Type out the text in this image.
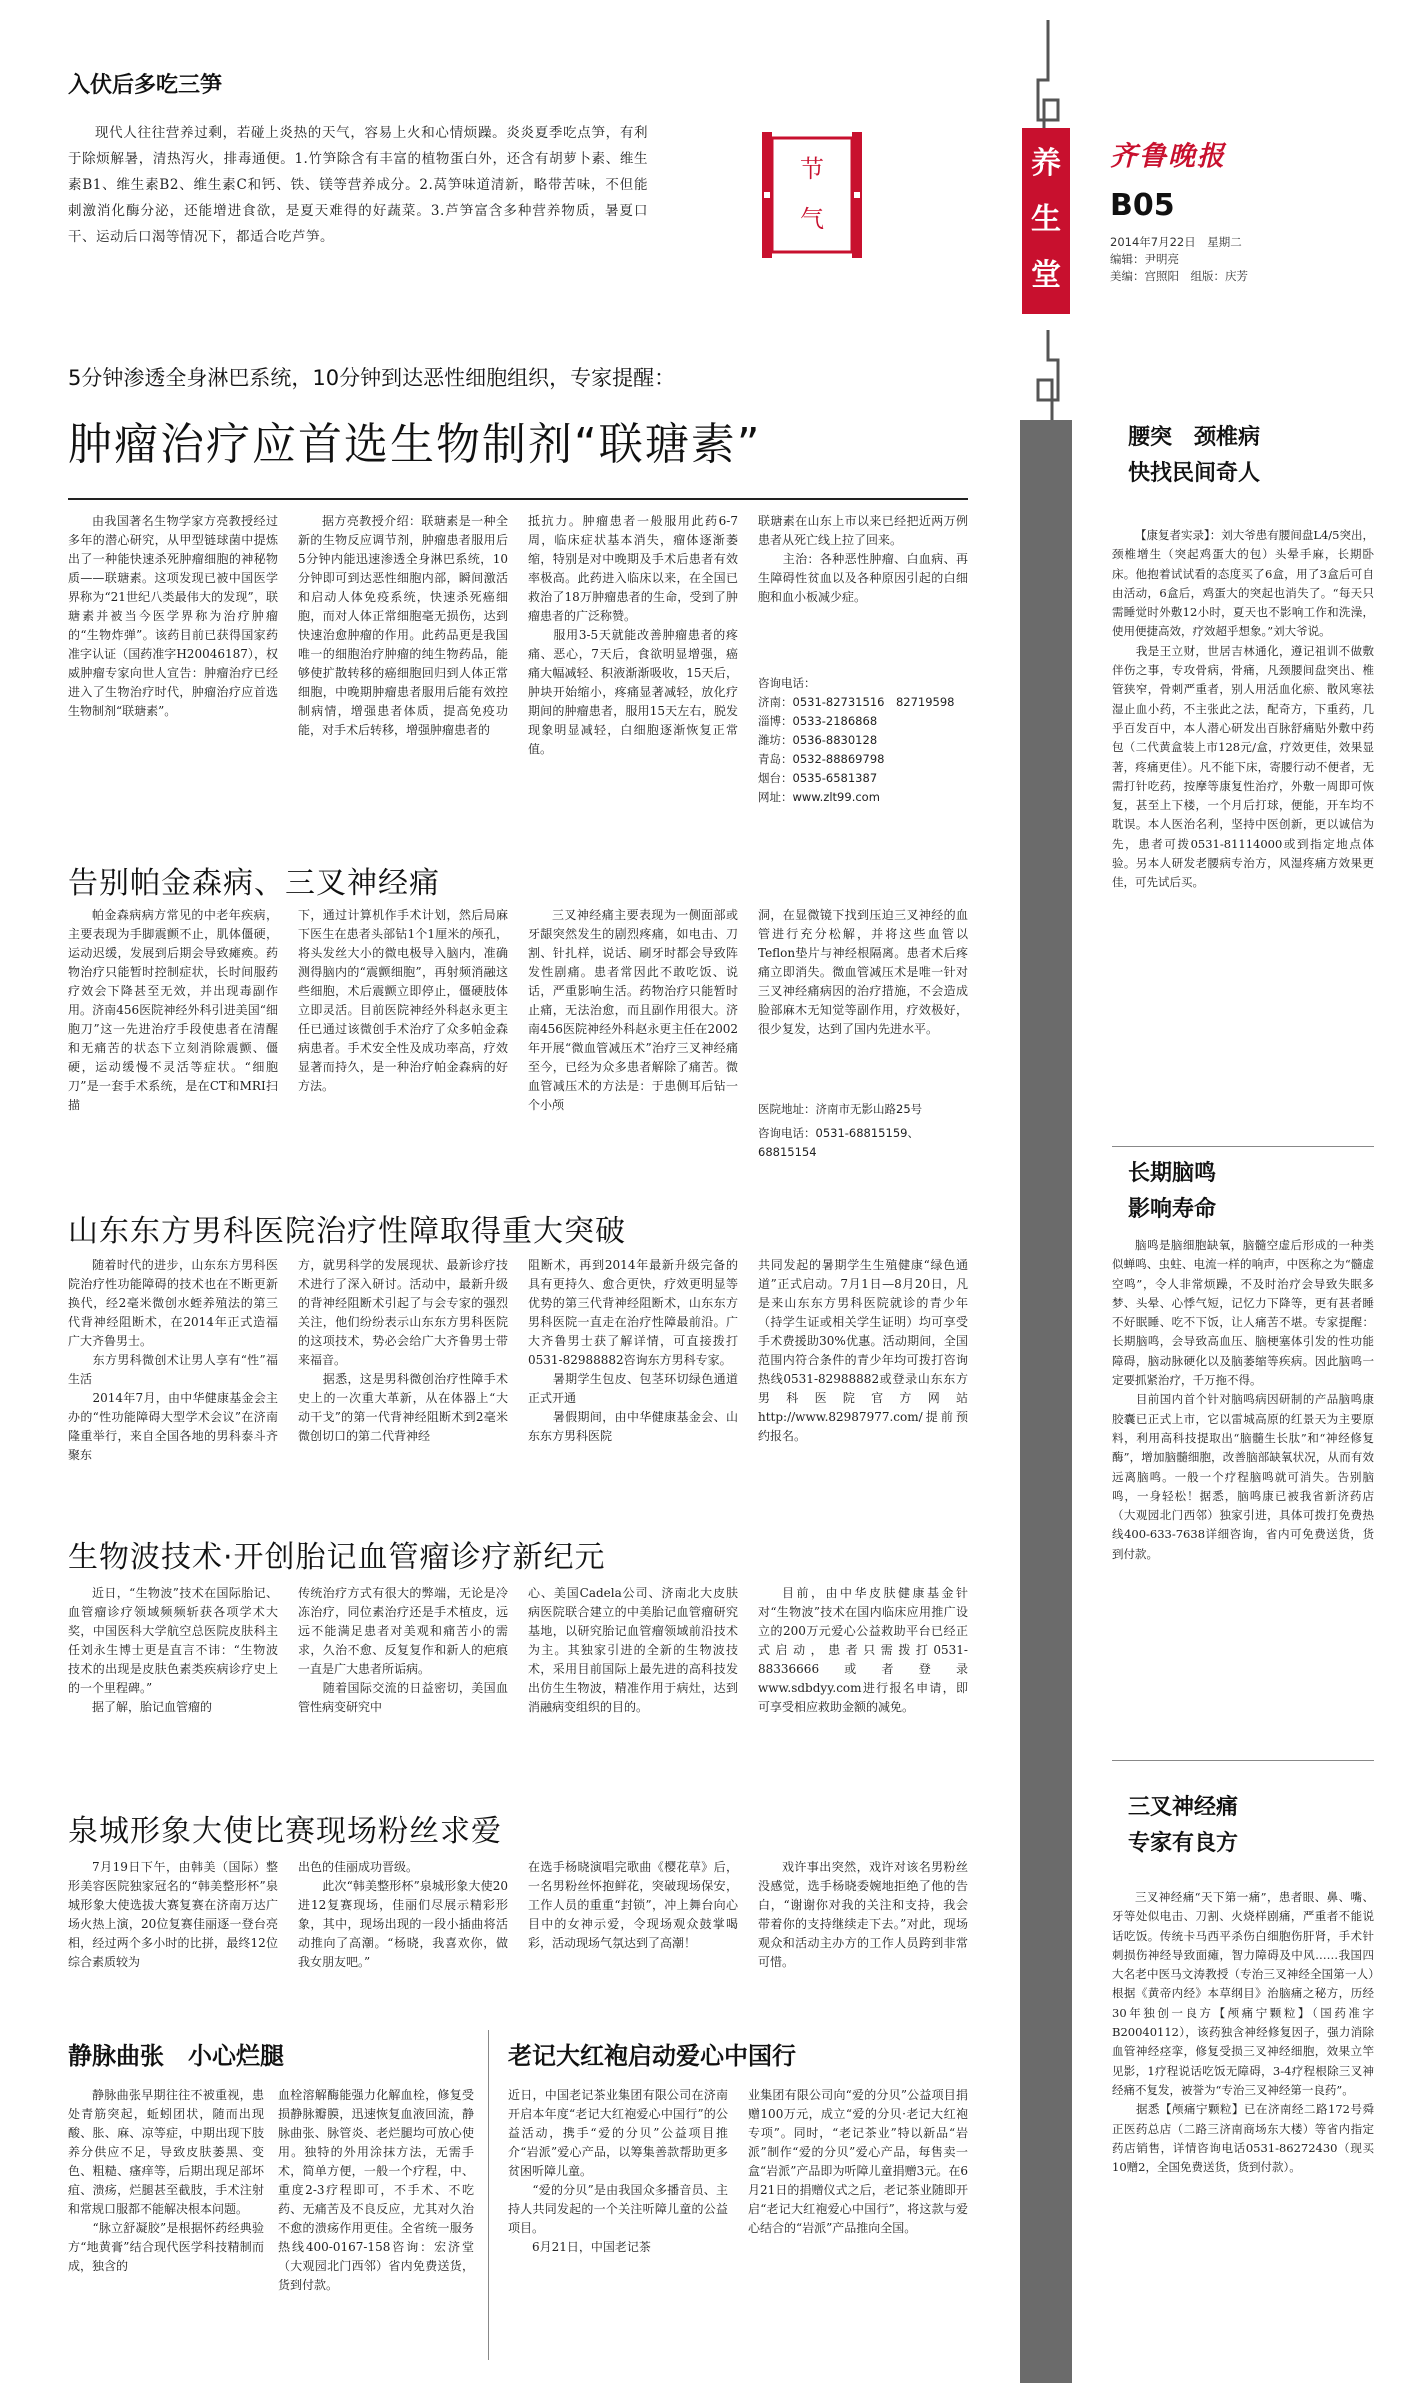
入伏后多吃三笋
现代人往往营养过剩，若碰上炎热的天气，容易上火和心情烦躁。炎炎夏季吃点笋，有利于除烦解暑，清热泻火，排毒通便。1.竹笋除含有丰富的植物蛋白外，还含有胡萝卜素、维生素B1、维生素B2、维生素C和钙、铁、镁等营养成分。2.莴笋味道清新，略带苦味，不但能刺激消化酶分泌，还能增进食欲，是夏天难得的好蔬菜。3.芦笋富含多种营养物质，暑夏口干、运动后口渴等情况下，都适合吃芦笋。
节气
养生堂
齐鲁晚报
B05
2014年7月22日　星期二
编辑：尹明亮
美编：宫照阳　组版：庆芳
5分钟渗透全身淋巴系统，10分钟到达恶性细胞组织，专家提醒：
肿瘤治疗应首选生物制剂“联瑭素”
由我国著名生物学家方亮教授经过多年的潜心研究，从甲型链球菌中提炼出了一种能快速杀死肿瘤细胞的神秘物质——联瑭素。这项发现已被中国医学界称为“21世纪八类最伟大的发现”，联瑭素并被当今医学界称为治疗肿瘤的“生物炸弹”。该药目前已获得国家药准字认证（国药准字H20046187），权威肿瘤专家向世人宣告：肿瘤治疗已经进入了生物治疗时代，肿瘤治疗应首选生物制剂“联瑭素”。
据方亮教授介绍：联瑭素是一种全新的生物反应调节剂，肿瘤患者服用后5分钟内能迅速渗透全身淋巴系统，10分钟即可到达恶性细胞内部，瞬间激活和启动人体免疫系统，快速杀死癌细胞，而对人体正常细胞毫无损伤，达到快速治愈肿瘤的作用。此药品更是我国唯一的细胞治疗肿瘤的纯生物药品，能够使扩散转移的癌细胞回归到人体正常细胞，中晚期肿瘤患者服用后能有效控制病情，增强患者体质，提高免疫功能，对手术后转移，增强肿瘤患者的
抵抗力。肿瘤患者一般服用此药6-7周，临床症状基本消失，瘤体逐渐萎缩，特别是对中晚期及手术后患者有效率极高。此药进入临床以来，在全国已救治了18万肿瘤患者的生命，受到了肿瘤患者的广泛称赞。
　　服用3-5天就能改善肿瘤患者的疼痛、恶心，7天后，食欲明显增强，癌痛大幅减轻、积液渐渐吸收，15天后，肿块开始缩小，疼痛显著减轻，放化疗期间的肿瘤患者，服用15天左右，脱发现象明显减轻，白细胞逐渐恢复正常值。
联瑭素在山东上市以来已经把近两万例患者从死亡线上拉了回来。
　　主治：各种恶性肿瘤、白血病、再生障碍性贫血以及各种原因引起的白细胞和血小板减少症。
咨询电话：
济南：0531-82731516　82719598
淄博：0533-2186868
潍坊：0536-8830128
青岛：0532-88869798
烟台：0535-6581387
网址：www.zlt99.com
告别帕金森病、三叉神经痛
帕金森病病方常见的中老年疾病，主要表现为手脚震颤不止，肌体僵硬，运动迟缓，发展到后期会导致瘫痪。药物治疗只能暂时控制症状，长时间服药疗效会下降甚至无效，并出现毒副作用。济南456医院神经外科引进美国“细胞刀”这一先进治疗手段使患者在清醒和无痛苦的状态下立刻消除震颤、僵硬，运动缓慢不灵活等症状。“细胞刀”是一套手术系统，是在CT和MRI扫描
下，通过计算机作手术计划，然后局麻下医生在患者头部钻1个1厘米的颅孔，将头发丝大小的微电极导入脑内，准确测得脑内的“震颤细胞”，再射频消融这些细胞，术后震颤立即停止，僵硬肢体立即灵活。目前医院神经外科赵永更主任已通过该微创手术治疗了众多帕金森病患者。手术安全性及成功率高，疗效显著而持久，是一种治疗帕金森病的好方法。
三叉神经痛主要表现为一侧面部或牙龈突然发生的剧烈疼痛，如电击、刀割、针扎样，说话、刷牙时都会导致阵发性剧痛。患者常因此不敢吃饭、说话，严重影响生活。药物治疗只能暂时止痛，无法治愈，而且副作用很大。济南456医院神经外科赵永更主任在2002年开展“微血管减压术”治疗三叉神经痛至今，已经为众多患者解除了痛苦。微血管减压术的方法是：于患侧耳后钻一个小颅
洞，在显微镜下找到压迫三叉神经的血管进行充分松解，并将这些血管以Teflon垫片与神经根隔离。患者术后疼痛立即消失。微血管减压术是唯一针对三叉神经痛病因的治疗措施，不会造成脸部麻木无知觉等副作用，疗效极好，很少复发，达到了国内先进水平。
医院地址：济南市无影山路25号
咨询电话：0531-68815159、68815154
山东东方男科医院治疗性障取得重大突破
随着时代的进步，山东东方男科医院治疗性功能障碍的技术也在不断更新换代，经2毫米微创水蛭养殖法的第三代背神经阻断术，在2014年正式造福广大齐鲁男士。
　　东方男科微创术让男人享有“性”福生活
　　2014年7月，由中华健康基金会主办的“性功能障碍大型学术会议”在济南隆重举行，来自全国各地的男科泰斗齐聚东
方，就男科学的发展现状、最新诊疗技术进行了深入研讨。活动中，最新升级的背神经阻断术引起了与会专家的强烈关注，他们纷纷表示山东东方男科医院的这项技术，势必会给广大齐鲁男士带来福音。
　　据悉，这是男科微创治疗性障手术史上的一次重大革新，从在体器上“大动干戈”的第一代背神经阻断术到2毫米微创切口的第二代背神经
阻断术，再到2014年最新升级完备的具有更持久、愈合更快，疗效更明显等优势的第三代背神经阻断术，山东东方男科医院一直走在治疗性障最前沿。广大齐鲁男士获了解详情，可直接拨打0531-82988882咨询东方男科专家。
　　暑期学生包皮、包茎环切绿色通道正式开通
　　暑假期间，由中华健康基金会、山东东方男科医院
共同发起的暑期学生生殖健康“绿色通道”正式启动。7月1日—8月20日，凡是来山东东方男科医院就诊的青少年（持学生证或相关学生证明）均可享受手术费援助30%优惠。活动期间，全国范围内符合条件的青少年均可拨打咨询热线0531-82988882或登录山东东方男科医院官方网站http://www.82987977.com/提前预约报名。
生物波技术·开创胎记血管瘤诊疗新纪元
近日，“生物波”技术在国际胎记、血管瘤诊疗领域频频斩获各项学术大奖，中国医科大学航空总医院皮肤科主任刘永生博士更是直言不讳：“生物波技术的出现是皮肤色素类疾病诊疗史上的一个里程碑。”
　　据了解，胎记血管瘤的
传统治疗方式有很大的弊端，无论是冷冻治疗，同位素治疗还是手术植皮，远远不能满足患者对美观和痛苦小的需求，久治不愈、反复复作和新人的疤痕一直是广大患者所诟病。
　　随着国际交流的日益密切，美国血管性病变研究中
心、美国Cadela公司、济南北大皮肤病医院联合建立的中美胎记血管瘤研究基地，以研究胎记血管瘤领域前沿技术为主。其独家引进的全新的生物波技术，采用目前国际上最先进的高科技发出仿生生物波，精准作用于病灶，达到消融病变组织的目的。
目前，由中华皮肤健康基金针对“生物波”技术在国内临床应用推广设立的200万元爱心公益救助平台已经正式启动，患者只需拨打0531-88336666或者登录www.sdbdyy.com进行报名申请，即可享受相应救助金额的减免。
泉城形象大使比赛现场粉丝求爱
7月19日下午，由韩美（国际）整形美容医院独家冠名的“韩美整形杯”泉城形象大使选拔大赛复赛在济南万达广场火热上演，20位复赛佳丽逐一登台亮相，经过两个多小时的比拼，最终12位综合素质较为
出色的佳丽成功晋级。
　　此次“韩美整形杯”泉城形象大使20进12复赛现场，佳丽们尽展示精彩形象，其中，现场出现的一段小插曲将活动推向了高潮。“杨晓，我喜欢你，做我女朋友吧。”
在选手杨晓演唱完歌曲《樱花草》后，一名男粉丝怀抱鲜花，突破现场保安，工作人员的重重“封锁”，冲上舞台向心目中的女神示爱，令现场观众鼓掌喝彩，活动现场气氛达到了高潮！
戏许事出突然，戏许对该名男粉丝没感觉，选手杨晓委婉地拒绝了他的告白，“谢谢你对我的关注和支持，我会带着你的支持继续走下去。”对此，现场观众和活动主办方的工作人员跨到非常可惜。
静脉曲张　小心烂腿
静脉曲张早期往往不被重视，患处青筋突起，蚯蚓团状，随而出现酸、胀、麻、凉等症，中期出现下肢养分供应不足，导致皮肤萎黑、变色、粗糙、瘙痒等，后期出现足部坏疽、溃疡，烂腿甚至截肢，手术注射和常规口服都不能解决根本问题。
　　“脉立舒凝胶”是根据怀药经典验方“地黄膏”结合现代医学科技精制而成，独含的
血栓溶解酶能强力化解血栓，修复受损静脉瓣膜，迅速恢复血液回流，静脉曲张、脉管炎、老烂腿均可放心使用。独特的外用涂抹方法，无需手术，简单方便，一般一个疗程，中、重度2-3疗程即可，不手术、不吃药、无痛苦及不良反应，尤其对久治不愈的溃疡作用更佳。全省统一服务热线400-0167-158咨询：宏济堂（大观园北门西邻）省内免费送货，货到付款。
老记大红袍启动爱心中国行
近日，中国老记茶业集团有限公司在济南开启本年度“老记大红袍爱心中国行”的公益活动，携手“爱的分贝”公益项目推介“岩派”爱心产品，以筹集善款帮助更多贫困听障儿童。
　　“爱的分贝”是由我国众多播音员、主持人共同发起的一个关注听障儿童的公益项目。
　　6月21日，中国老记茶
业集团有限公司向“爱的分贝”公益项目捐赠100万元，成立“爱的分贝·老记大红袍专项”。同时，“老记茶业”特以新品“岩派”制作“爱的分贝”爱心产品，每售卖一盒“岩派”产品即为听障儿童捐赠3元。在6月21日的捐赠仪式之后，老记茶业随即开启“老记大红袍爱心中国行”，将这款与爱心结合的“岩派”产品推向全国。
腰突　颈椎病
快找民间奇人
【康复者实录】：刘大爷患有腰间盘L4/5突出，颈椎增生（突起鸡蛋大的包）头晕手麻，长期卧床。他抱着试试看的态度买了6盒，用了3盒后可自由活动，6盒后，鸡蛋大的突起也消失了。“每天只需睡觉时外敷12小时，夏天也不影响工作和洗澡，使用便捷高效，疗效超乎想象。”刘大爷说。
　　我是王立财，世居吉林通化，遵记祖训不做敷伴伤之事，专攻骨病，骨痛，凡颈腰间盘突出、椎管狭窄，骨刺严重者，别人用活血化瘀、散风寒祛湿止血小药，不主张此之法，配奇方，下重药，几乎百发百中，本人潜心研发出百脉舒痛贴外敷中药包（二代黄盒装上市128元/盒，疗效更佳，效果显著，疼痛更佳）。凡不能下床，寄腰行动不便者，无需打针吃药，按摩等康复性治疗，外敷一周即可恢复，甚至上下楼，一个月后打球，便能，开车均不耽误。本人医治名利，坚持中医创新，更以诚信为先，患者可拨0531-81114000或到指定地点体验。另本人研发老腰病专治方，风湿疼痛方效果更佳，可先试后买。
长期脑鸣
影响寿命
脑鸣是脑细胞缺氧，脑髓空虚后形成的一种类似蝉鸣、虫蛀、电流一样的响声，中医称之为“髓虚空鸣”，令人非常烦躁，不及时治疗会导致失眠多梦、头晕、心悸气短，记忆力下降等，更有甚者睡不好眠睡、吃不下饭，让人痛苦不堪。专家提醒：长期脑鸣，会导致高血压、脑梗塞体引发的性功能障碍，脑动脉硬化以及脑萎缩等疾病。因此脑鸣一定要抓紧治疗，千万拖不得。
　　目前国内首个针对脑鸣病因研制的产品脑鸣康胶囊已正式上市，它以雷城高原的红景天为主要原料，利用高科技提取出“脑髓生长肽”和“神经修复酶”，增加脑髓细胞，改善脑部缺氧状况，从而有效远离脑鸣。一般一个疗程脑鸣就可消失。告别脑鸣，一身轻松！据悉，脑鸣康已被我省新济药店（大观园北门西邻）独家引进，具体可拨打免费热线400-633-7638详细咨询，省内可免费送货，货到付款。
三叉神经痛
专家有良方
三叉神经痛“天下第一痛”，患者眼、鼻、嘴、牙等处似电击、刀割、火烧样剧痛，严重者不能说话吃饭。传统卡马西平杀伤白细胞伤肝肾，手术针刺损伤神经导致面瘫，智力障碍及中风……我国四大名老中医马文涛教授（专治三叉神经全国第一人）根据《黄帝内经》本草纲目》治脑痛之秘方，历经30年独创一良方【颅痛宁颗粒】（国药准字B20040112），该药独含神经修复因子，强力消除血管神经痉挛，修复受损三叉神经细胞，效果立竿见影，1疗程说话吃饭无障碍，3-4疗程根除三叉神经痛不复发，被誉为“专治三叉神经第一良药”。
　　据悉【颅痛宁颗粒】已在济南经二路172号舜正医药总店（二路三济南商场东大楼）等省内指定药店销售，详情咨询电话0531-86272430（现买10赠2，全国免费送货，货到付款）。
